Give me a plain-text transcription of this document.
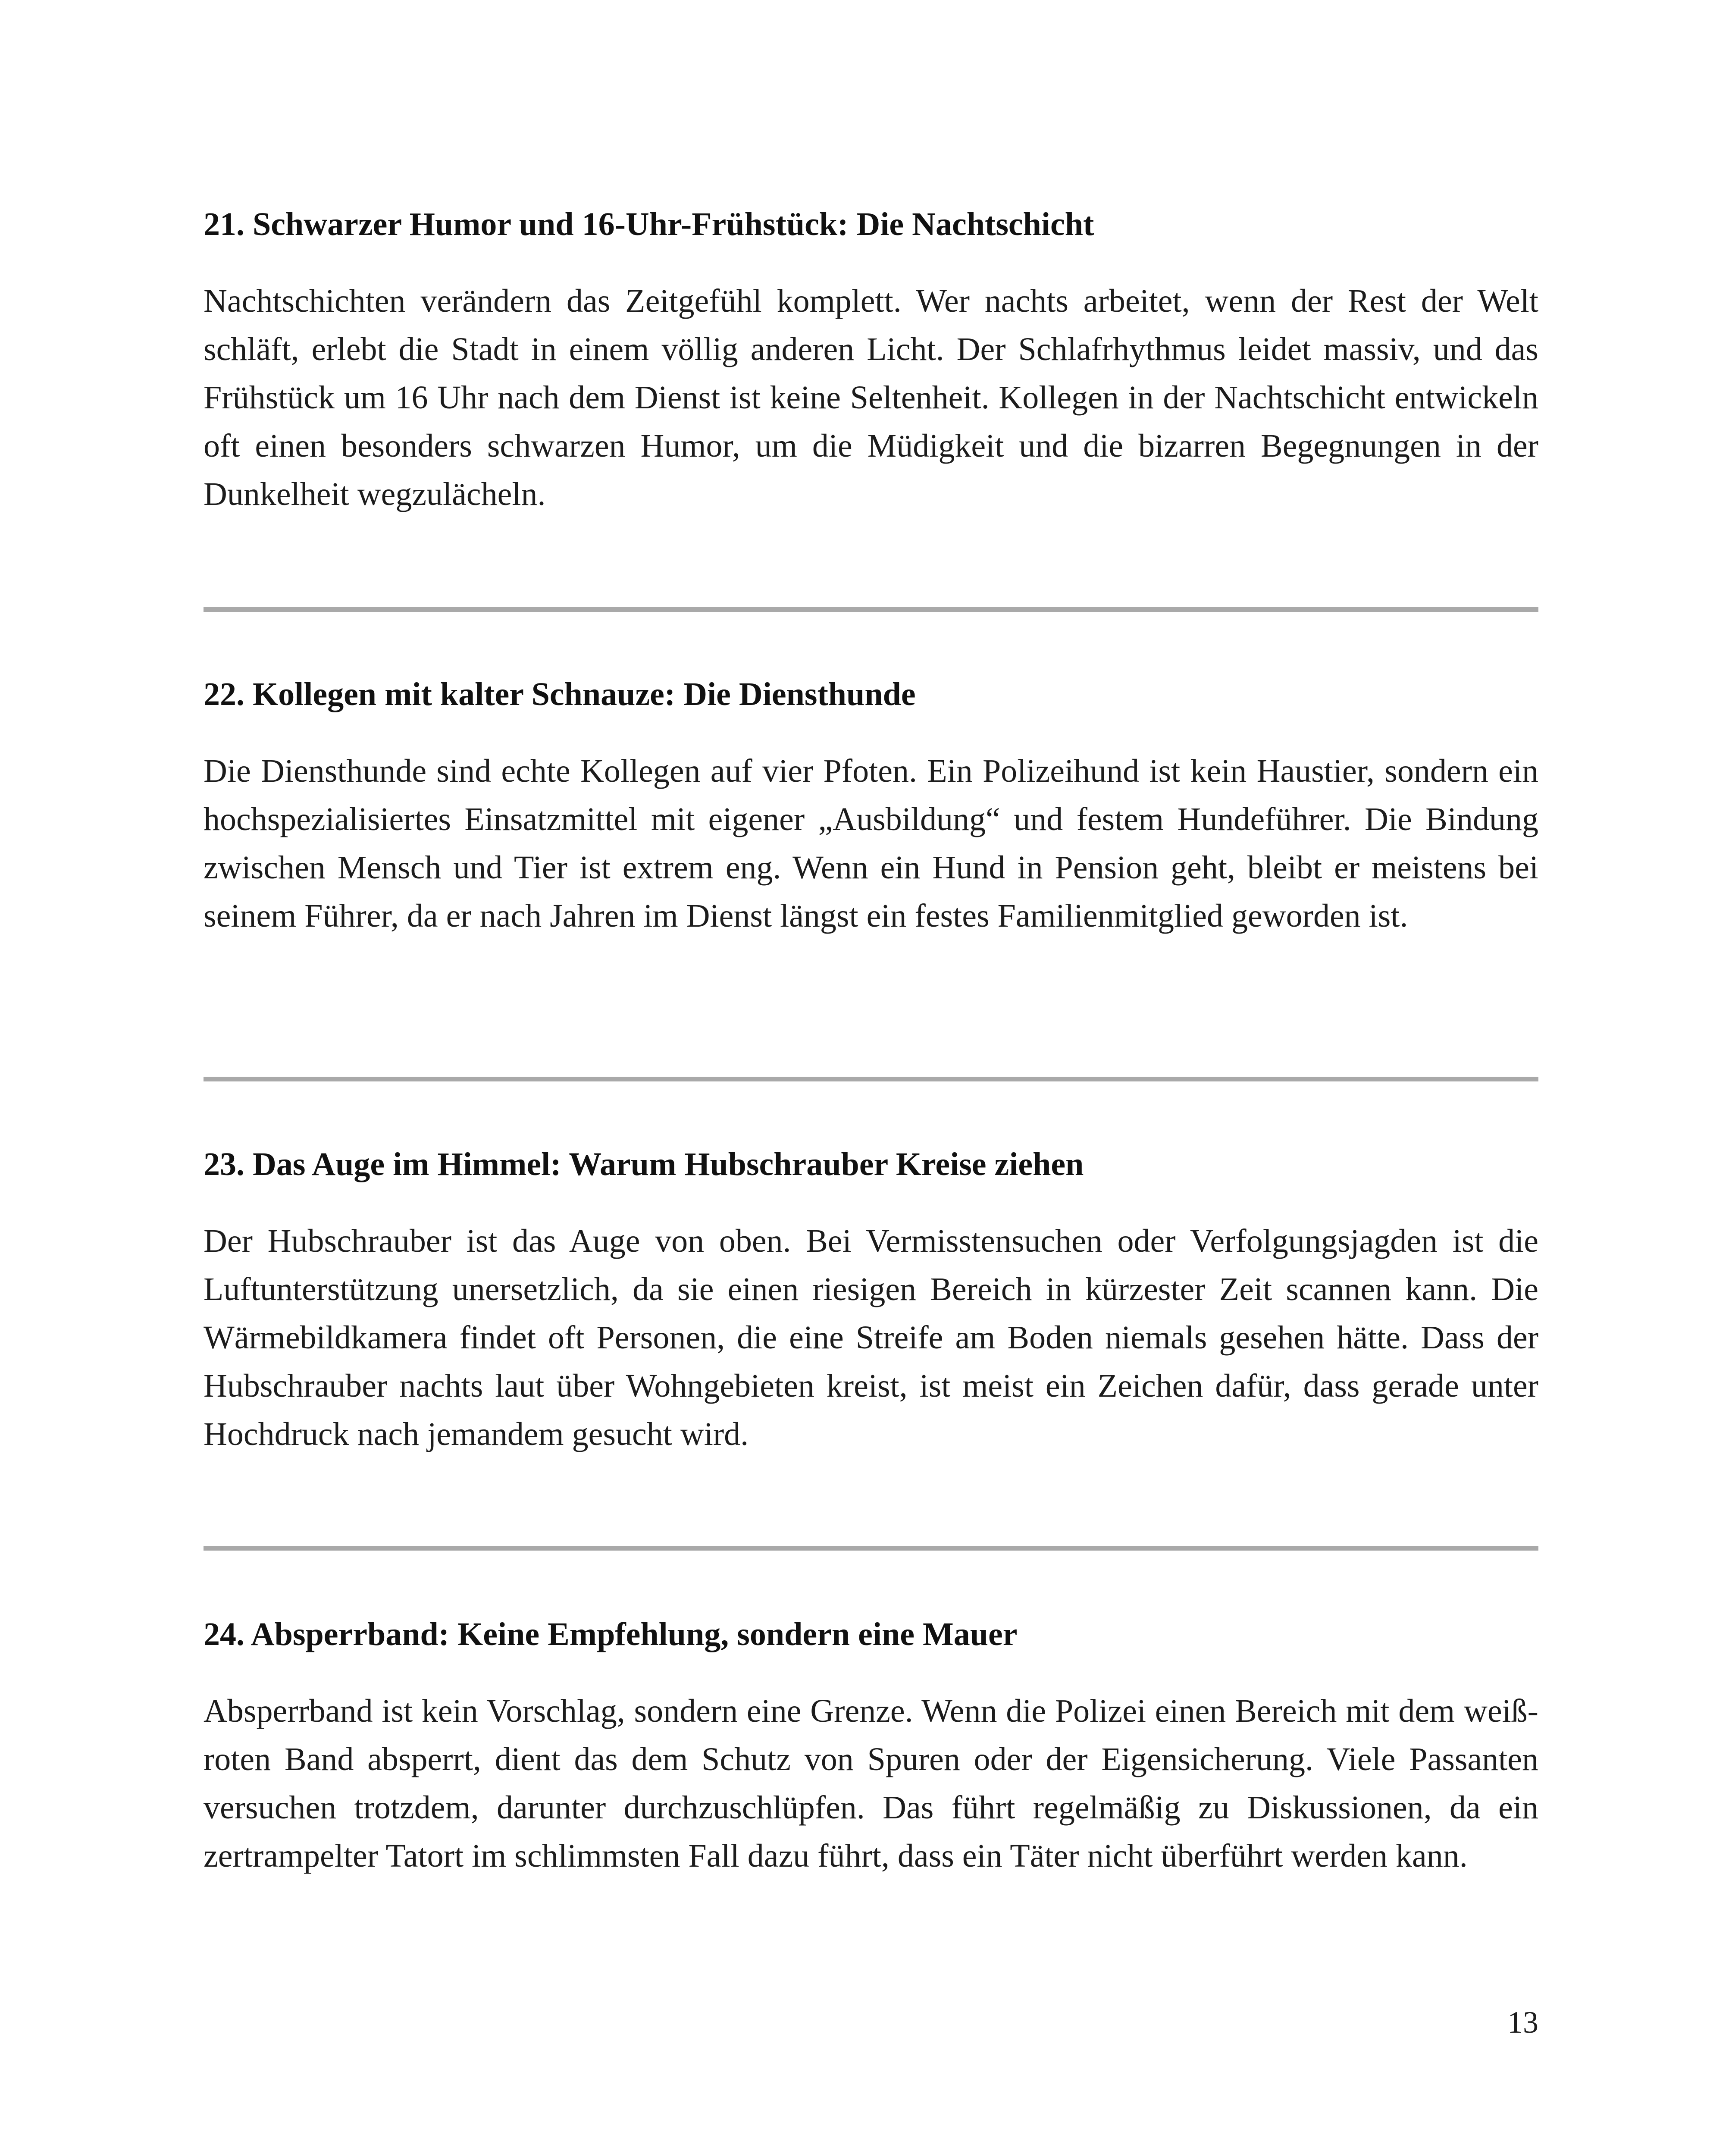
21. Schwarzer Humor und 16-Uhr-Frühstück: Die Nachtschicht

Nachtschichten verändern das Zeitgefühl komplett. Wer nachts arbeitet, wenn der Rest der Welt schläft, erlebt die Stadt in einem völlig anderen Licht. Der Schlafrhythmus leidet massiv, und das Frühstück um 16 Uhr nach dem Dienst ist keine Seltenheit. Kollegen in der Nachtschicht entwickeln oft einen besonders schwarzen Humor, um die Müdigkeit und die bizarren Begegnungen in der Dunkelheit wegzulächeln.

22. Kollegen mit kalter Schnauze: Die Diensthunde

Die Diensthunde sind echte Kollegen auf vier Pfoten. Ein Polizeihund ist kein Haustier, sondern ein hochspezialisiertes Einsatzmittel mit eigener „Ausbildung“ und festem Hundeführer. Die Bindung zwischen Mensch und Tier ist extrem eng. Wenn ein Hund in Pension geht, bleibt er meistens bei seinem Führer, da er nach Jahren im Dienst längst ein festes Familienmitglied geworden ist.

23. Das Auge im Himmel: Warum Hubschrauber Kreise ziehen

Der Hubschrauber ist das Auge von oben. Bei Vermisstensuchen oder Verfolgungsjagden ist die Luftunterstützung unersetzlich, da sie einen riesigen Bereich in kürzester Zeit scannen kann. Die Wärmebildkamera findet oft Personen, die eine Streife am Boden niemals gesehen hätte. Dass der Hubschrauber nachts laut über Wohngebieten kreist, ist meist ein Zeichen dafür, dass gerade unter Hochdruck nach jemandem gesucht wird.

24. Absperrband: Keine Empfehlung, sondern eine Mauer

Absperrband ist kein Vorschlag, sondern eine Grenze. Wenn die Polizei einen Bereich mit dem weiß-roten Band absperrt, dient das dem Schutz von Spuren oder der Eigensicherung. Viele Passanten versuchen trotzdem, darunter durchzuschlüpfen. Das führt regelmäßig zu Diskussionen, da ein zertrampelter Tatort im schlimmsten Fall dazu führt, dass ein Täter nicht überführt werden kann.

13
